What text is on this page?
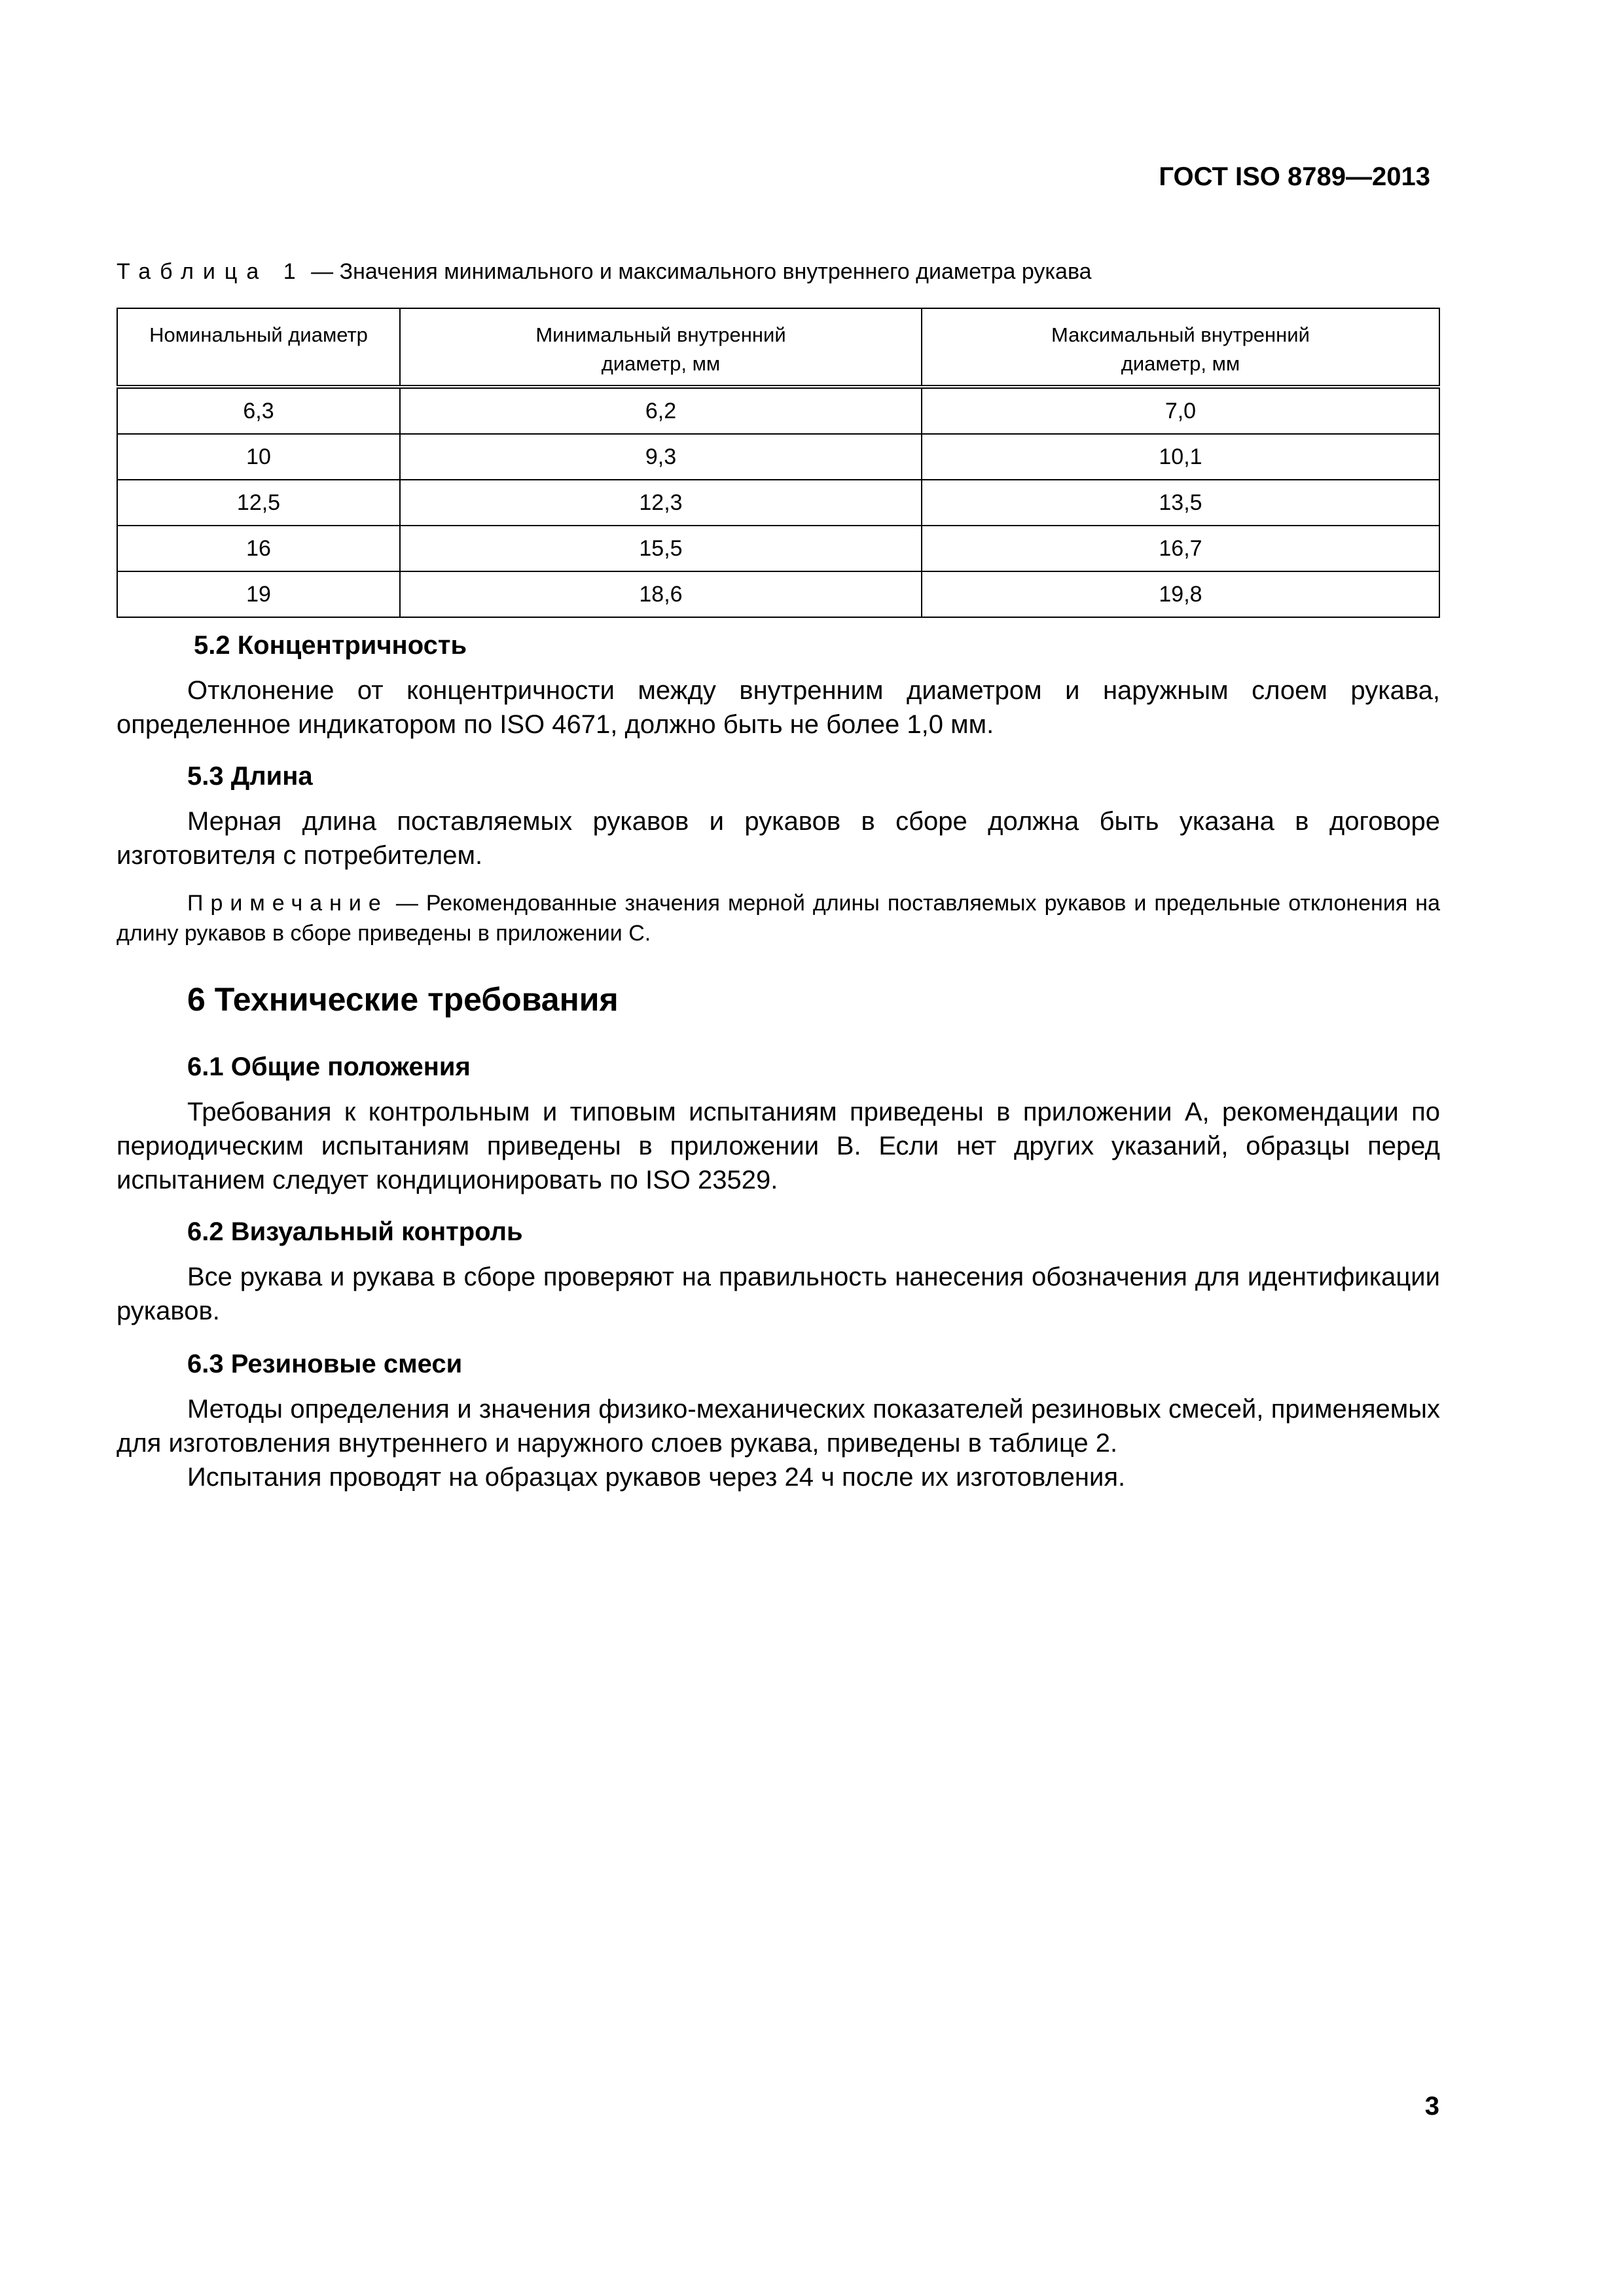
ГОСТ ISO 8789—2013
Таблица 1 — Значения минимального и максимального внутреннего диаметра рукава
Номинальный диаметр	Минимальный внутренний диаметр, мм	Максимальный внутренний диаметр, мм

6,3	6,2	7,0
10	9,3	10,1
12,5	12,3	13,5
16	15,5	16,7
19	18,6	19,8
5.2 Концентричность

Отклонение от концентричности между внутренним диаметром и наружным слоем рукава, определенное индикатором по ISO 4671, должно быть не более 1,0 мм.

5.3 Длина

Мерная длина поставляемых рукавов и рукавов в сборе должна быть указана в договоре изготовителя с потребителем.

Примечание — Рекомендованные значения мерной длины поставляемых рукавов и предельные отклонения на длину рукавов в сборе приведены в приложении С.

6 Технические требования
6.1 Общие положения

Требования к контрольным и типовым испытаниям приведены в приложении А, рекомендации по периодическим испытаниям приведены в приложении В. Если нет других указаний, образцы перед испытанием следует кондиционировать по ISO 23529.

6.2 Визуальный контроль

Все рукава и рукава в сборе проверяют на правильность нанесения обозначения для идентификации рукавов.

6.3 Резиновые смеси

Методы определения и значения физико-механических показателей резиновых смесей, применяемых для изготовления внутреннего и наружного слоев рукава, приведены в таблице 2.

Испытания проводят на образцах рукавов через 24 ч после их изготовления.

3
